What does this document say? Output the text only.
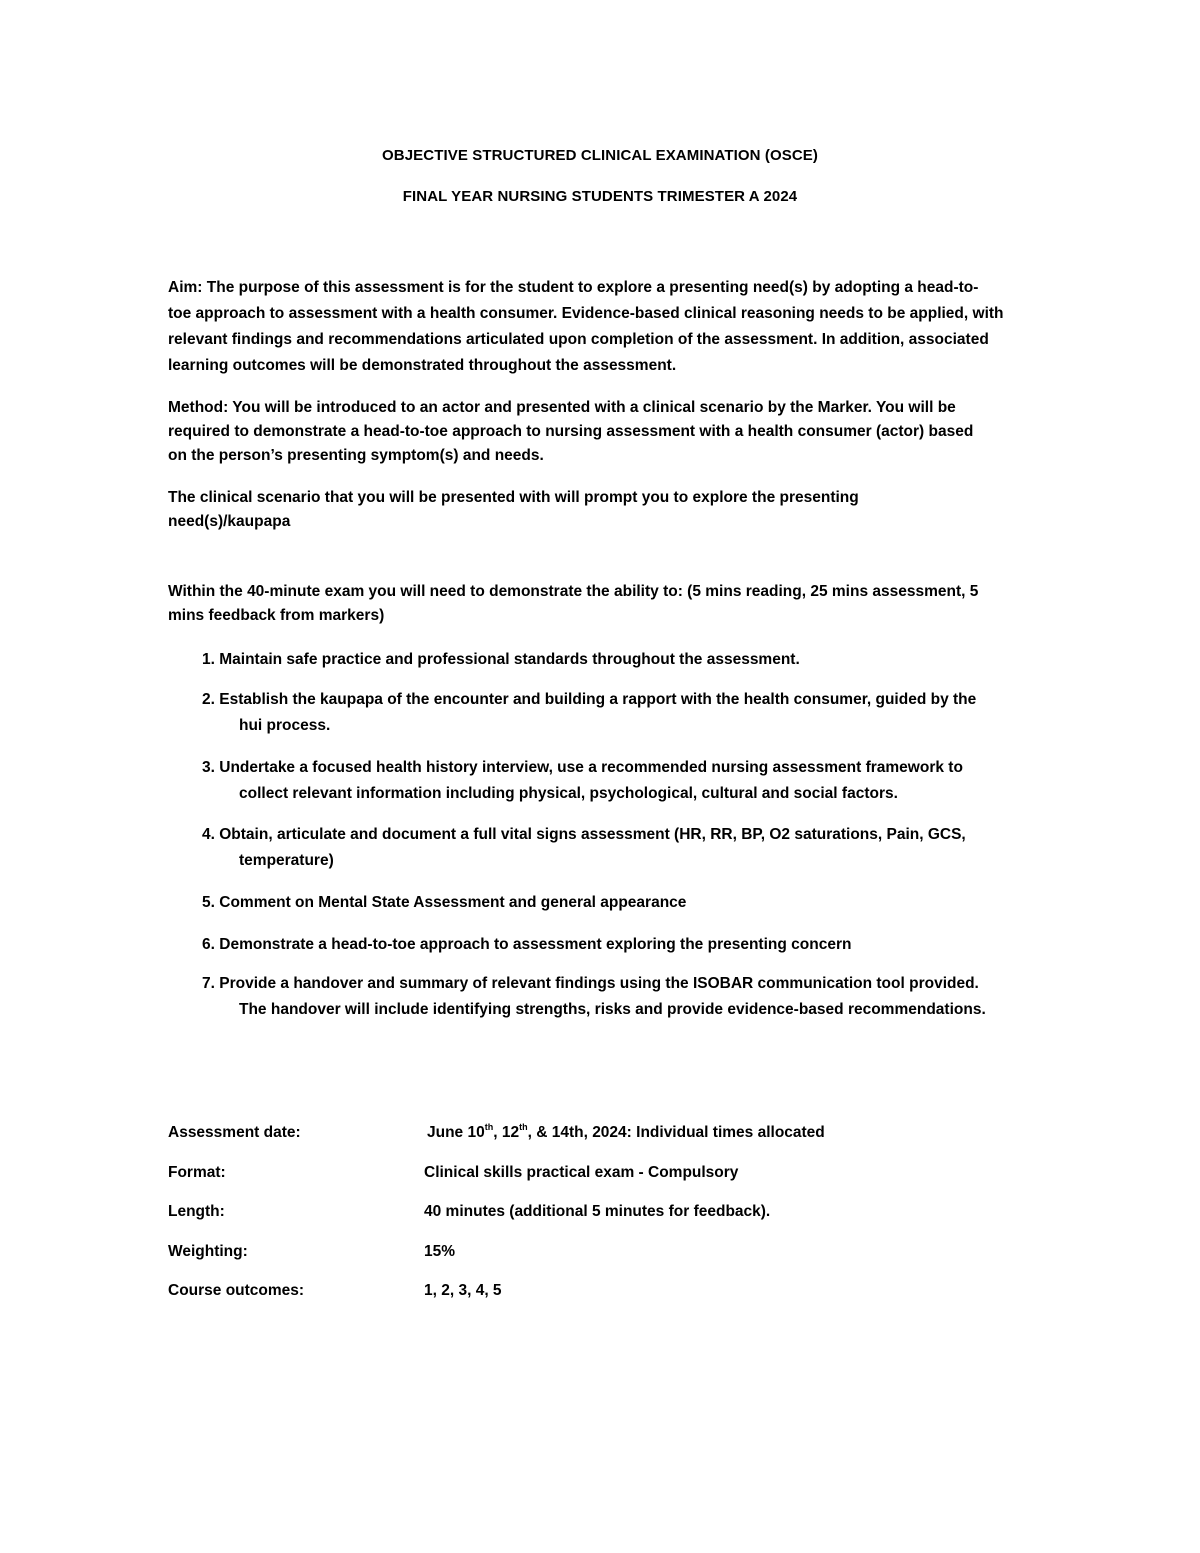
OBJECTIVE STRUCTURED CLINICAL EXAMINATION (OSCE)
FINAL YEAR NURSING STUDENTS TRIMESTER A 2024
Aim: The purpose of this assessment is for the student to explore a presenting need(s) by adopting a head-to-
toe approach to assessment with a health consumer. Evidence-based clinical reasoning needs to be applied, with
relevant findings and recommendations articulated upon completion of the assessment. In addition, associated
learning outcomes will be demonstrated throughout the assessment.
Method: You will be introduced to an actor and presented with a clinical scenario by the Marker. You will be
required to demonstrate a head-to-toe approach to nursing assessment with a health consumer (actor) based
on the person’s presenting symptom(s) and needs.
The clinical scenario that you will be presented with will prompt you to explore the presenting
need(s)/kaupapa
Within the 40-minute exam you will need to demonstrate the ability to: (5 mins reading, 25 mins assessment, 5
mins feedback from markers)
1. Maintain safe practice and professional standards throughout the assessment.
2. Establish the kaupapa of the encounter and building a rapport with the health consumer, guided by the
hui process.
3. Undertake a focused health history interview, use a recommended nursing assessment framework to
collect relevant information including physical, psychological, cultural and social factors.
4. Obtain, articulate and document a full vital signs assessment (HR, RR, BP, O2 saturations, Pain, GCS,
temperature)
5. Comment on Mental State Assessment and general appearance
6. Demonstrate a head-to-toe approach to assessment exploring the presenting concern
7. Provide a handover and summary of relevant findings using the ISOBAR communication tool provided.
The handover will include identifying strengths, risks and provide evidence-based recommendations.
Assessment date:	June 10th, 12th, & 14th, 2024: Individual times allocated
Format:	Clinical skills practical exam - Compulsory
Length:	40 minutes (additional 5 minutes for feedback).
Weighting:	15%
Course outcomes:	1, 2, 3, 4, 5
